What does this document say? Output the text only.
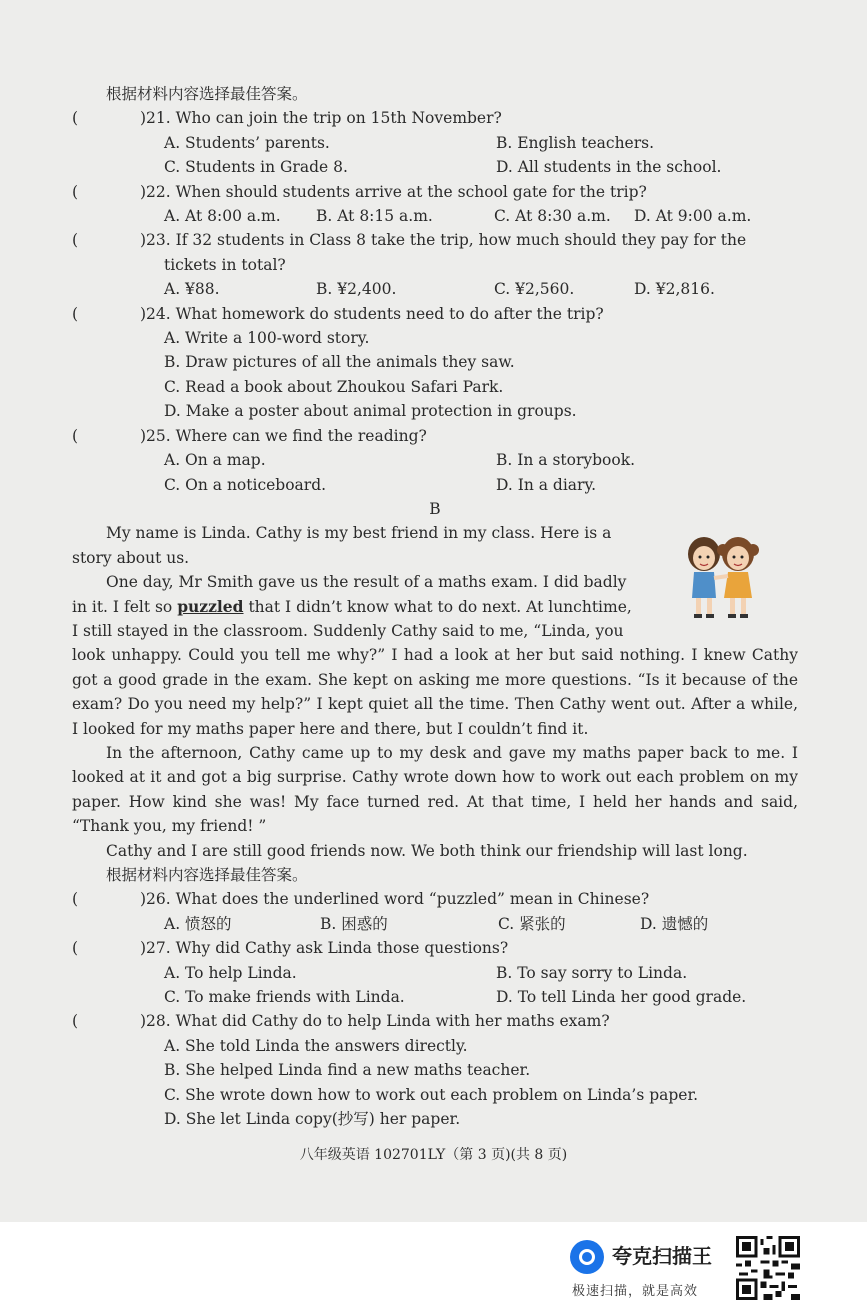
根据材料内容选择最佳答案。
(	)21. Who can join the trip on 15th November?
A. Students’ parents.	B. English teachers.
C. Students in Grade 8.	D. All students in the school.
(	)22. When should students arrive at the school gate for the trip?
A. At 8:00 a.m.	B. At 8:15 a.m.	C. At 8:30 a.m.	D. At 9:00 a.m.
(	)23. If 32 students in Class 8 take the trip, how much should they pay for the
tickets in total?
A. ¥88.	B. ¥2,400.	C. ¥2,560.	D. ¥2,816.
(	)24. What homework do students need to do after the trip?
A. Write a 100-word story.
B. Draw pictures of all the animals they saw.
C. Read a book about Zhoukou Safari Park.
D. Make a poster about animal protection in groups.
(	)25. Where can we find the reading?
A. On a map.	B. In a storybook.
C. On a noticeboard.	D. In a diary.
B
My name is Linda. Cathy is my best friend in my class. Here is a
story about us.
One day, Mr Smith gave us the result of a maths exam. I did badly
in it. I felt so puzzled that I didn’t know what to do next. At lunchtime,
I still stayed in the classroom. Suddenly Cathy said to me, “Linda, you
look unhappy. Could you tell me why?” I had a look at her but said nothing. I knew Cathy got a good grade in the exam. She kept on asking me more questions. “Is it because of the exam? Do you need my help?” I kept quiet all the time. Then Cathy went out. After a while, I looked for my maths paper here and there, but I couldn’t find it.
In the afternoon, Cathy came up to my desk and gave my maths paper back to me. I looked at it and got a big surprise. Cathy wrote down how to work out each problem on my paper. How kind she was! My face turned red. At that time, I held her hands and said, “Thank you, my friend! ”
Cathy and I are still good friends now. We both think our friendship will last long.
根据材料内容选择最佳答案。
(	)26. What does the underlined word “puzzled” mean in Chinese?
A. 愤怒的	B. 困惑的	C. 紧张的	D. 遗憾的
(	)27. Why did Cathy ask Linda those questions?
A. To help Linda.	B. To say sorry to Linda.
C. To make friends with Linda.	D. To tell Linda her good grade.
(	)28. What did Cathy do to help Linda with her maths exam?
A. She told Linda the answers directly.
B. She helped Linda find a new maths teacher.
C. She wrote down how to work out each problem on Linda’s paper.
D. She let Linda copy(抄写) her paper.
八年级英语 102701LY（第 3 页)(共 8 页)
夸克扫描王
极速扫描，就是高效
